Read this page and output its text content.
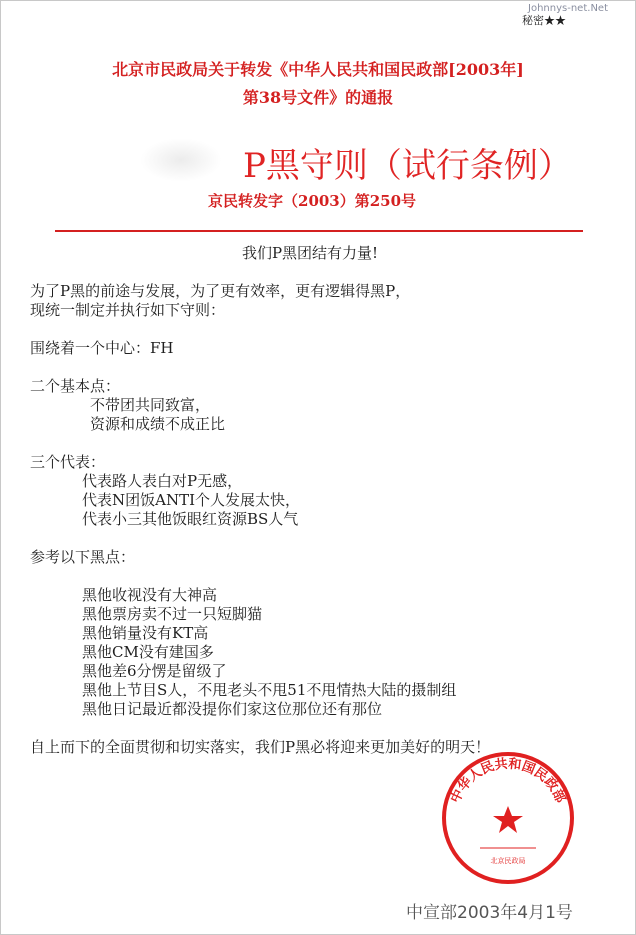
Johnnys-net.Net
秘密★★
北京市民政局关于转发《中华人民共和国民政部[2003年]
第38号文件》的通报
P黑守则（试行条例）
京民转发字（2003）第250号
我们P黑团结有力量!
为了P黑的前途与发展，为了更有效率，更有逻辑得黑P，
现统一制定并执行如下守则：
围绕着一个中心：FH
二个基本点：
不带团共同致富，
资源和成绩不成正比
三个代表：
代表路人表白对P无感，
代表N团饭ANTI个人发展太快，
代表小三其他饭眼红资源BS人气
参考以下黑点：
黑他收视没有大神高
黑他票房卖不过一只短脚猫
黑他销量没有KT高
黑他CM没有建国多
黑他差6分愣是留级了
黑他上节目S人，不甩老头不甩51不甩情热大陆的摄制组
黑他日记最近都没提你们家这位那位还有那位
自上而下的全面贯彻和切实落实，我们P黑必将迎来更加美好的明天！
中华人民共和国民政部
北京民政局
中宣部2003年4月1号
